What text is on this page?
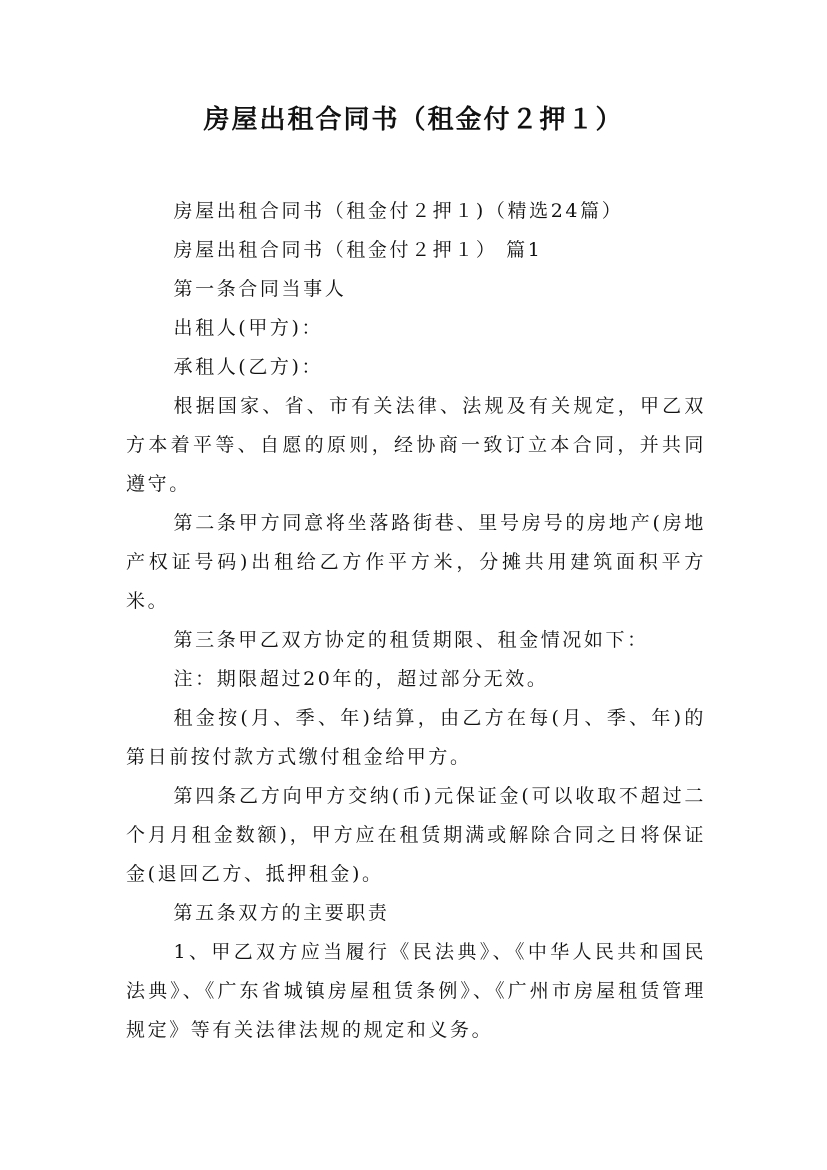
房屋出租合同书（租金付２押１）

房屋出租合同书（租金付２押１)（精选24篇）

房屋出租合同书（租金付２押１） 篇1

第一条合同当事人

出租人(甲方)：

承租人(乙方)：

根据国家、省、市有关法律、法规及有关规定，甲乙双方本着平等、自愿的原则，经协商一致订立本合同，并共同遵守。

第二条甲方同意将坐落路街巷、里号房号的房地产(房地产权证号码)出租给乙方作平方米，分摊共用建筑面积平方米。

第三条甲乙双方协定的租赁期限、租金情况如下：

注：期限超过20年的，超过部分无效。

租金按(月、季、年)结算，由乙方在每(月、季、年)的第日前按付款方式缴付租金给甲方。

第四条乙方向甲方交纳(币)元保证金(可以收取不超过二个月月租金数额)，甲方应在租赁期满或解除合同之日将保证金(退回乙方、抵押租金)。

第五条双方的主要职责

1、甲乙双方应当履行《民法典》、《中华人民共和国民法典》、《广东省城镇房屋租赁条例》、《广州市房屋租赁管理规定》等有关法律法规的规定和义务。
